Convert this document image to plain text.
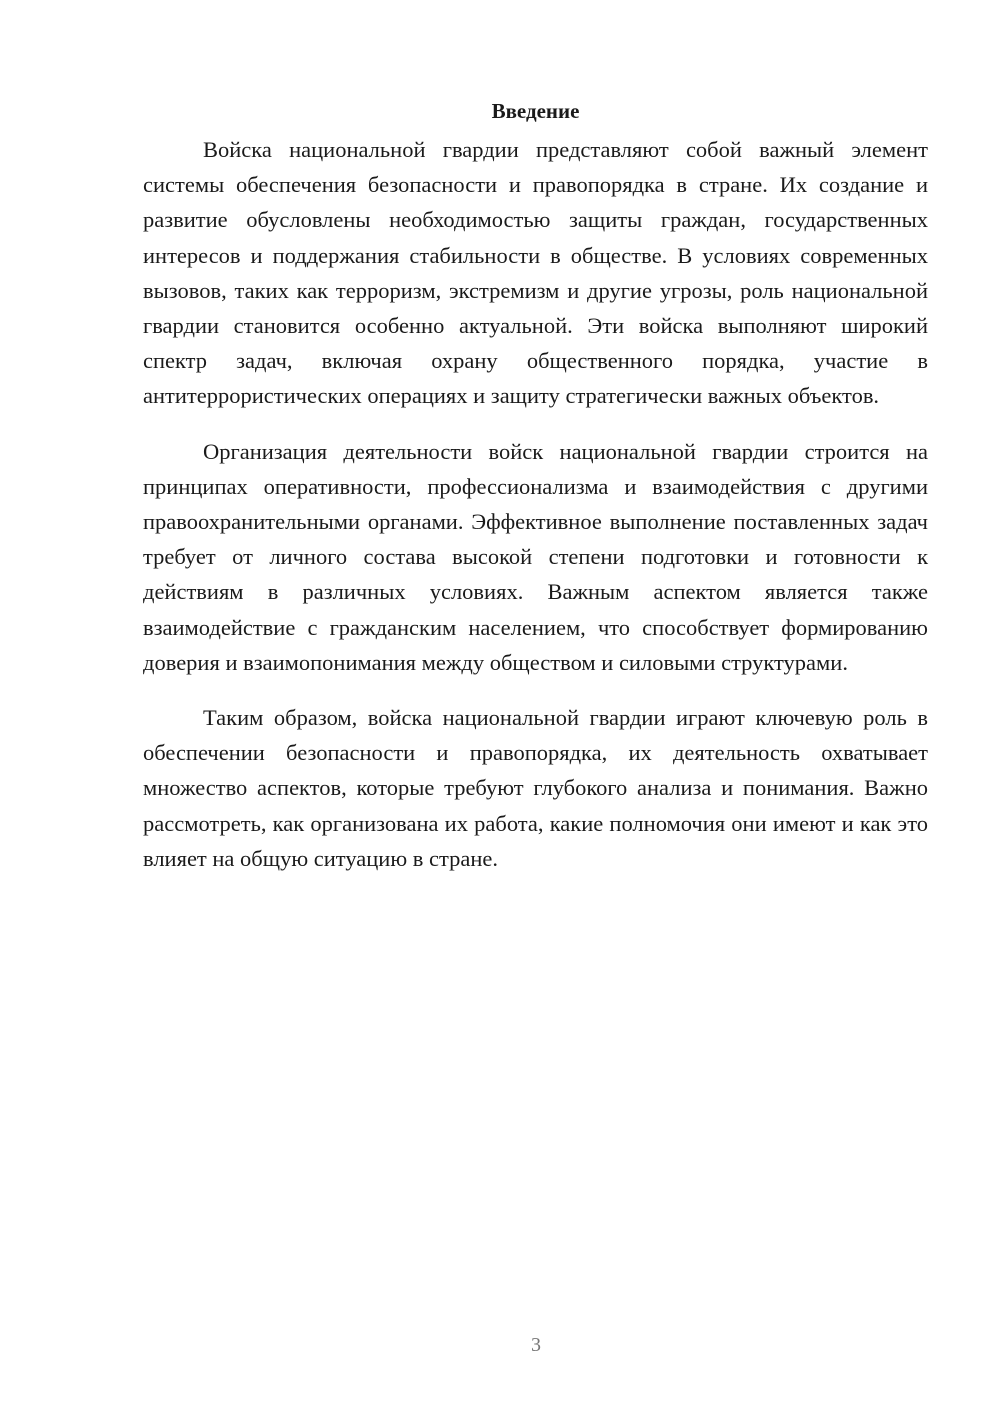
Введение

Войска национальной гвардии представляют собой важный элемент системы обеспечения безопасности и правопорядка в стране. Их создание и развитие обусловлены необходимостью защиты граждан, государственных интересов и поддержания стабильности в обществе. В условиях современных вызовов, таких как терроризм, экстремизм и другие угрозы, роль национальной гвардии становится особенно актуальной. Эти войска выполняют широкий спектр задач, включая охрану общественного порядка, участие в антитеррористических операциях и защиту стратегически важных объектов.

Организация деятельности войск национальной гвардии строится на принципах оперативности, профессионализма и взаимодействия с другими правоохранительными органами. Эффективное выполнение поставленных задач требует от личного состава высокой степени подготовки и готовности к действиям в различных условиях. Важным аспектом является также взаимодействие с гражданским населением, что способствует формированию доверия и взаимопонимания между обществом и силовыми структурами.

Таким образом, войска национальной гвардии играют ключевую роль в обеспечении безопасности и правопорядка, их деятельность охватывает множество аспектов, которые требуют глубокого анализа и понимания. Важно рассмотреть, как организована их работа, какие полномочия они имеют и как это влияет на общую ситуацию в стране.

3
